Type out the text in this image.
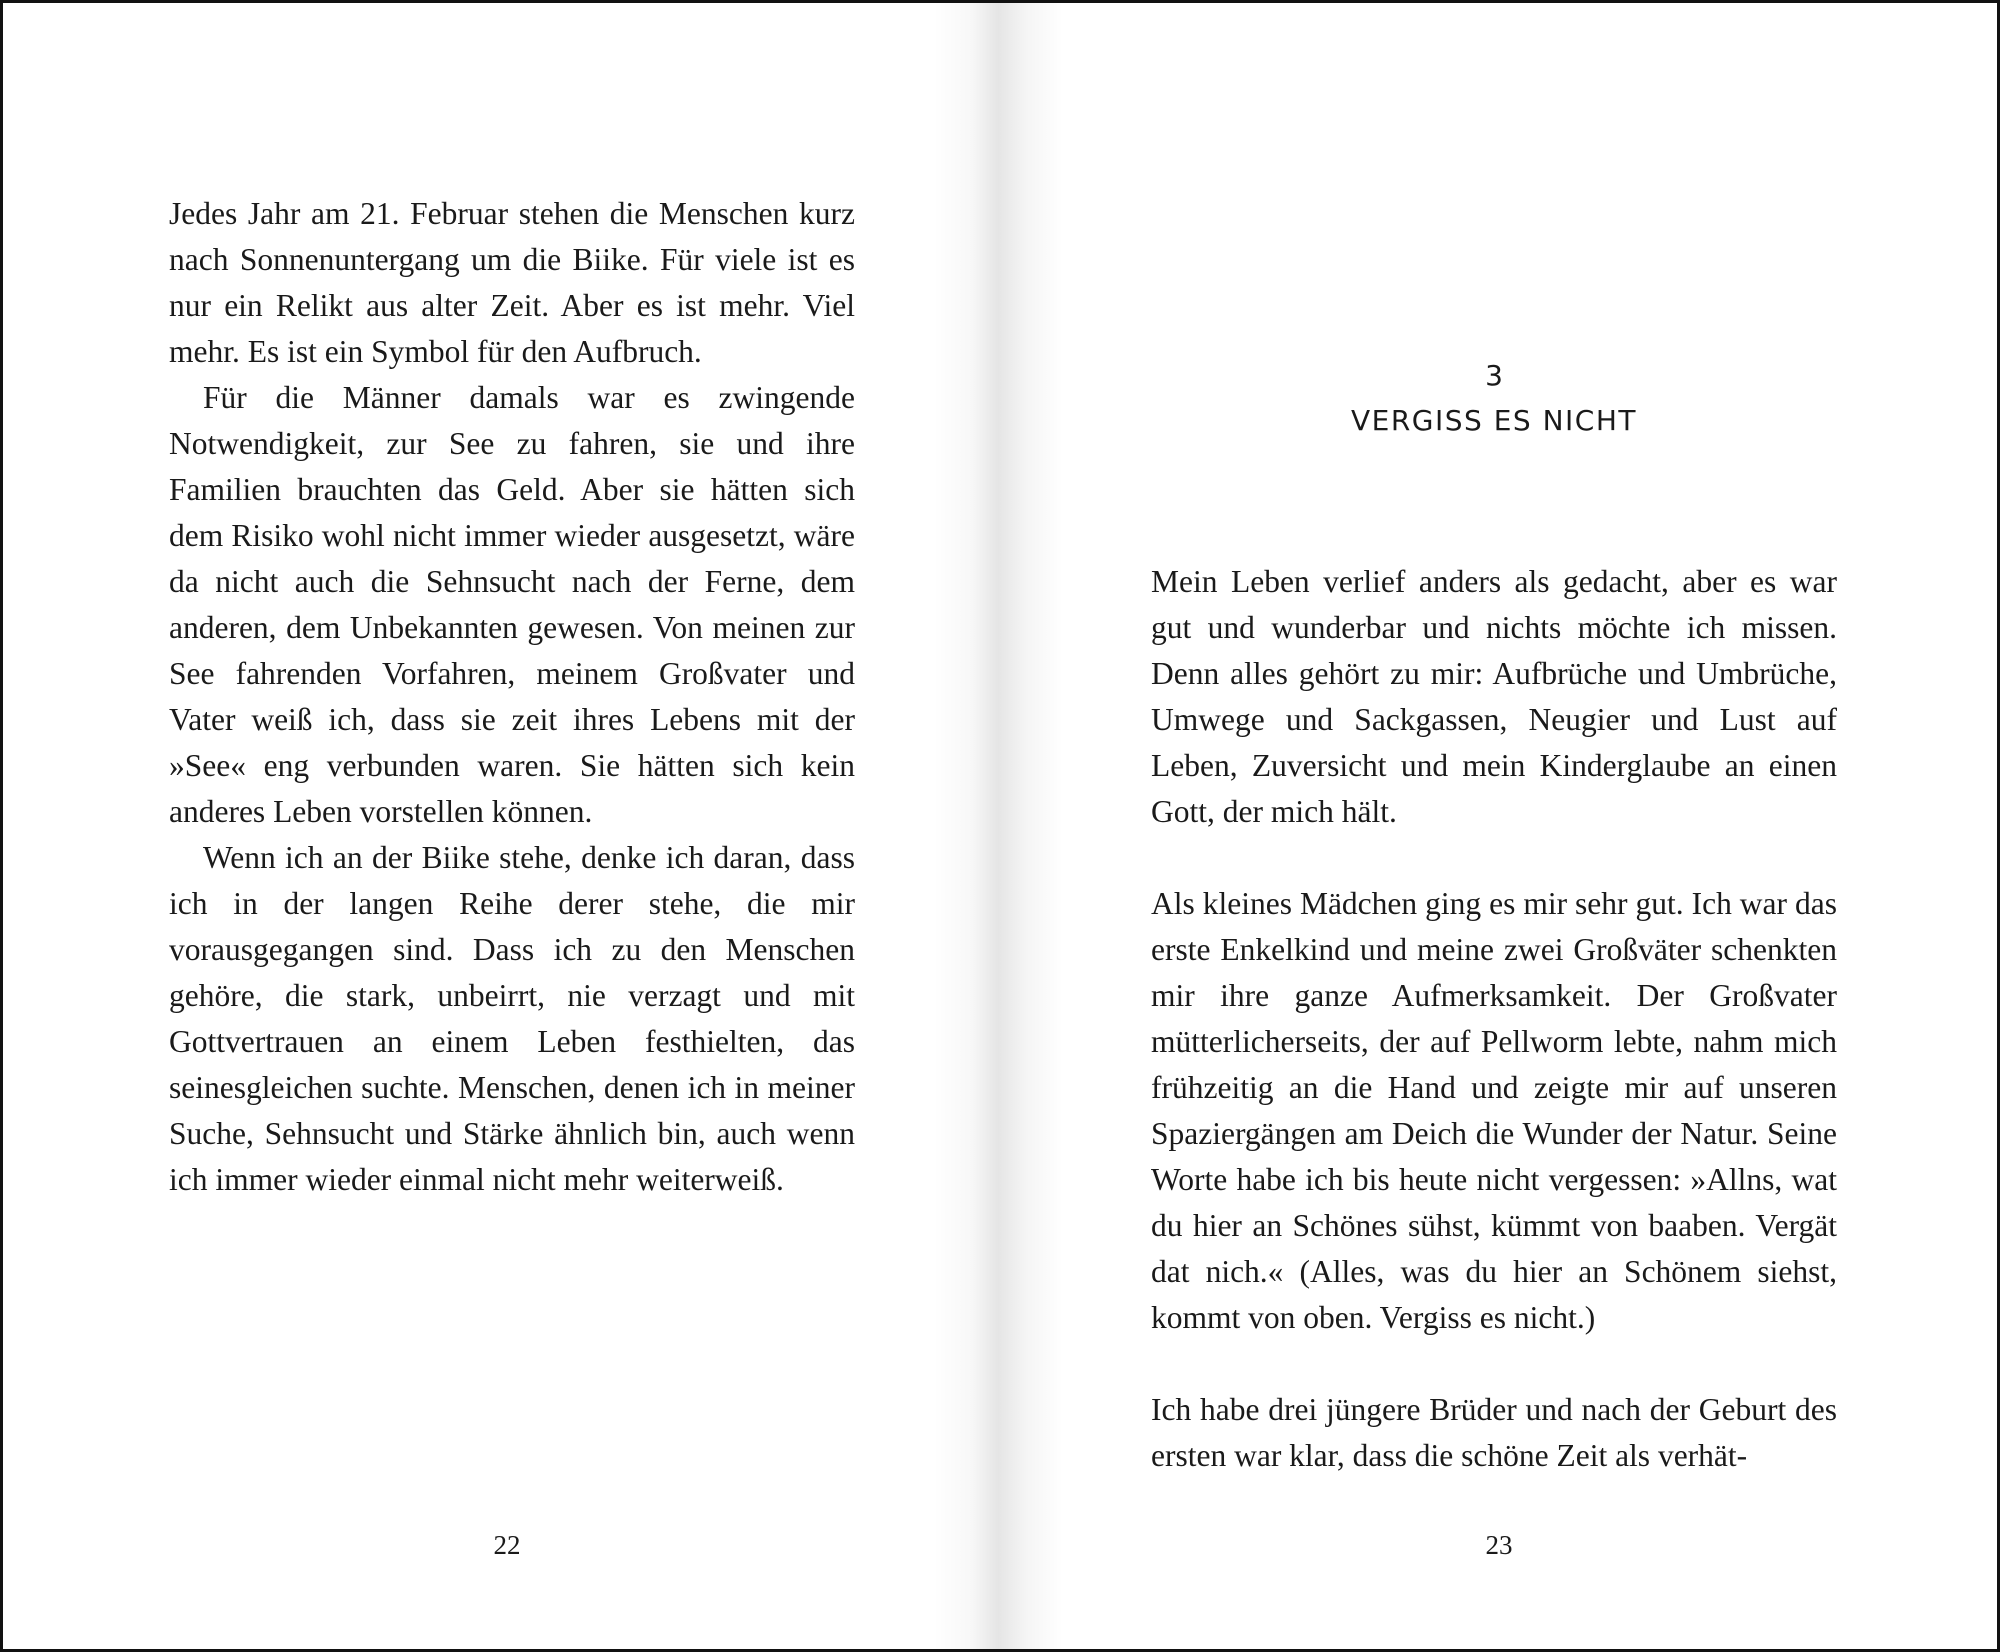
Jedes Jahr am 21. Februar stehen die Menschen kurz nach Sonnenuntergang um die Biike. Für viele ist es nur ein Relikt aus alter Zeit. Aber es ist mehr. Viel mehr. Es ist ein Symbol für den Aufbruch.

Für die Männer damals war es zwingende Notwendigkeit, zur See zu fahren, sie und ihre Familien brauchten das Geld. Aber sie hätten sich dem Risiko wohl nicht immer wieder ausgesetzt, wäre da nicht auch die Sehnsucht nach der Ferne, dem anderen, dem Unbekannten gewesen. Von meinen zur See fahrenden Vorfahren, meinem Großvater und Vater weiß ich, dass sie zeit ihres Lebens mit der »See« eng verbunden waren. Sie hätten sich kein anderes Leben vorstellen können.

Wenn ich an der Biike stehe, denke ich daran, dass ich in der langen Reihe derer stehe, die mir vorausgegangen sind. Dass ich zu den Menschen gehöre, die stark, unbeirrt, nie verzagt und mit Gottvertrauen an einem Leben festhielten, das seinesgleichen suchte. Menschen, denen ich in meiner Suche, Sehnsucht und Stärke ähnlich bin, auch wenn ich immer wieder einmal nicht mehr weiterweiß.

22
3
VERGISS ES NICHT

Mein Leben verlief anders als gedacht, aber es war gut und wunderbar und nichts möchte ich missen. Denn alles gehört zu mir: Aufbrüche und Umbrüche, Umwege und Sackgassen, Neugier und Lust auf Leben, Zuversicht und mein Kinderglaube an einen Gott, der mich hält.

Als kleines Mädchen ging es mir sehr gut. Ich war das erste Enkelkind und meine zwei Großväter schenkten mir ihre ganze Aufmerksamkeit. Der Großvater mütterlicherseits, der auf Pellworm lebte, nahm mich frühzeitig an die Hand und zeigte mir auf unseren Spaziergängen am Deich die Wunder der Natur. Seine Worte habe ich bis heute nicht vergessen: »Allns, wat du hier an Schönes sühst, kümmt von baaben. Vergät dat nich.« (Alles, was du hier an Schönem siehst, kommt von oben. Vergiss es nicht.)

Ich habe drei jüngere Brüder und nach der Geburt des ersten war klar, dass die schöne Zeit als verhät-

23
